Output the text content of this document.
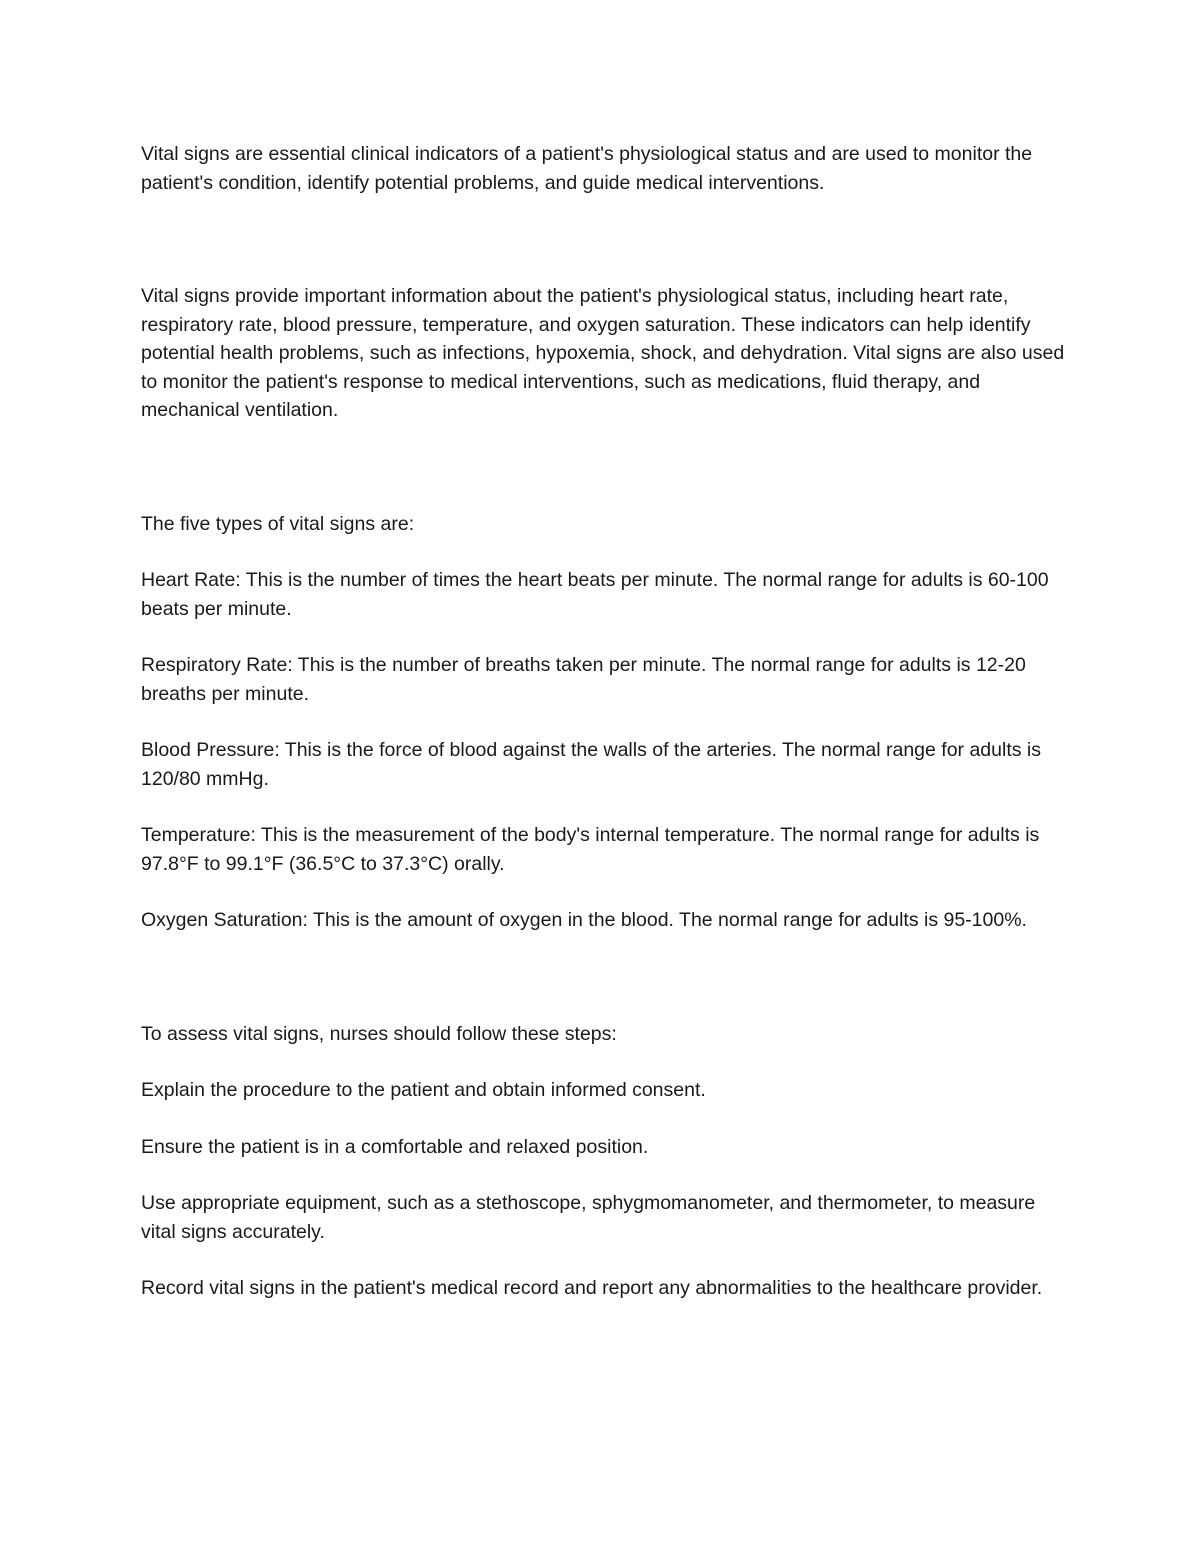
Vital signs are essential clinical indicators of a patient's physiological status and are used to monitor the patient's condition, identify potential problems, and guide medical interventions.

Vital signs provide important information about the patient's physiological status, including heart rate, respiratory rate, blood pressure, temperature, and oxygen saturation. These indicators can help identify potential health problems, such as infections, hypoxemia, shock, and dehydration. Vital signs are also used to monitor the patient's response to medical interventions, such as medications, fluid therapy, and mechanical ventilation.

The five types of vital signs are:

Heart Rate: This is the number of times the heart beats per minute. The normal range for adults is 60-100 beats per minute.

Respiratory Rate: This is the number of breaths taken per minute. The normal range for adults is 12-20 breaths per minute.

Blood Pressure: This is the force of blood against the walls of the arteries. The normal range for adults is 120/80 mmHg.

Temperature: This is the measurement of the body's internal temperature. The normal range for adults is 97.8°F to 99.1°F (36.5°C to 37.3°C) orally.

Oxygen Saturation: This is the amount of oxygen in the blood. The normal range for adults is 95-100%.

To assess vital signs, nurses should follow these steps:

Explain the procedure to the patient and obtain informed consent.

Ensure the patient is in a comfortable and relaxed position.

Use appropriate equipment, such as a stethoscope, sphygmomanometer, and thermometer, to measure vital signs accurately.

Record vital signs in the patient's medical record and report any abnormalities to the healthcare provider.
